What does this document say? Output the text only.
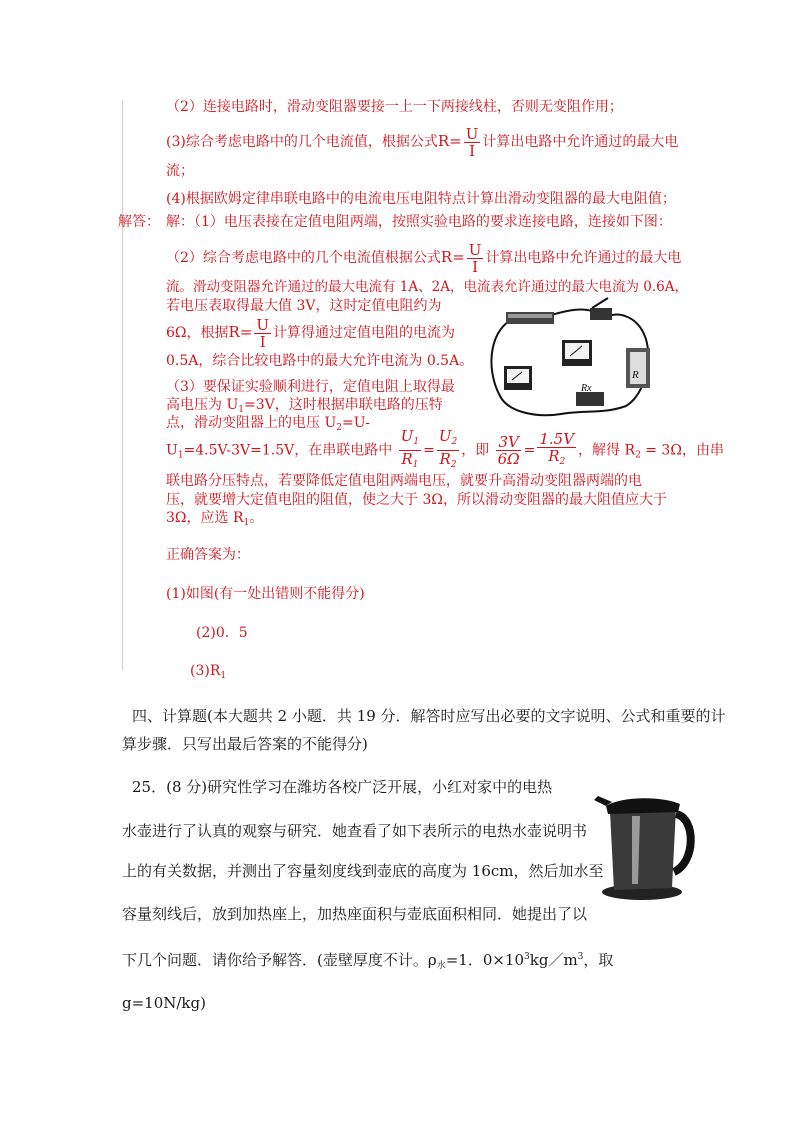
（2）连接电路时，滑动变阻器要接一上一下两接线柱，否则无变阻作用；
(3)综合考虑电路中的几个电流值，根据公式$R= \frac{U}{I}$ 计算出电路中允许通过的最大电
流；
(4)根据欧姆定律串联电路中的电流电压电阻特点计算出滑动变阻器的最大电阻值；
解答： 解：（1）电压表接在定值电阻两端，按照实验电路的要求连接电路，连接如下图：
（2）综合考虑电路中的几个电流值根据公式$R= \frac{U}{I}$ 计算出电路中允许通过的最大电
流。滑动变阻器允许通过的最大电流有 1A、2A，电流表允许通过的最大电流为 0.6A，
若电压表取得最大值 3V，这时定值电阻约为
6Ω，根据$R= \frac{U}{I}$ 计算得通过定值电阻的电流为
0.5A，综合比较电路中的最大允许电流为 0.5A。
（3）要保证实验顺利进行，定值电阻上取得最
高电压为 $U_1=3V$，这时根据串联电路的压特
点，滑动变阻器上的电压 $U_2=U-$
$U_1=4.5V-3V=1.5V$，在串联电路中 $\frac{U_1}{R_1} = \frac{U_2}{R_2}$ ，即 $\frac{3V}{6\Omega} = \frac{1.5V}{R_2}$ ，解得 $R_2 = 3\Omega$，由串
联电路分压特点，若要降低定值电阻两端电压，就要升高滑动变阻器两端的电
压，就要增大定值电阻的阻值，使之大于 3Ω，所以滑动变阻器的最大阻值应大于
3Ω，应选 $R_1$。
正确答案为：
(1)如图(有一处出错则不能得分)
(2)0．5
$(3)R_1$
R
Rx
四、计算题(本大题共 2 小题．共 19 分．解答时应写出必要的文字说明、公式和重要的计
算步骤．只写出最后答案的不能得分)
25．(8 分)研究性学习在潍坊各校广泛开展，小红对家中的电热
水壶进行了认真的观察与研究．她查看了如下表所示的电热水壶说明书
上的有关数据，并测出了容量刻度线到壶底的高度为 16cm，然后加水至
容量刻线后，放到加热座上，加热座面积与壶底面积相同．她提出了以
下几个问题．请你给予解答．(壶壁厚度不计。$\rho_水=1$．$0\times 10^3kg/m^3$，取
g=10N/kg)
